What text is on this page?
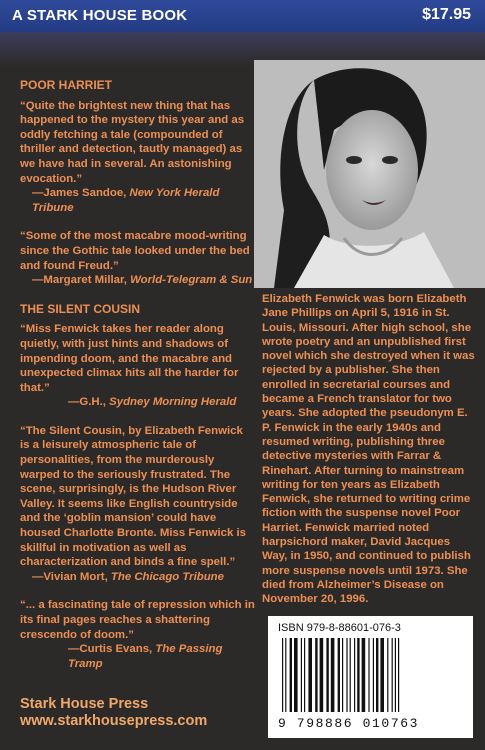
A STARK HOUSE BOOK	$17.95

POOR HARRIET

“Quite the brightest new thing that has happened to the mystery this year and as oddly fetching a tale (compounded of thriller and detection, tautly managed) as we have had in several. An astonishing evocation.”

—James Sandoe, New York Herald Tribune

“Some of the most macabre mood-writing since the Gothic tale looked under the bed and found Freud.”

—Margaret Millar, World-Telegram & Sun

THE SILENT COUSIN

“Miss Fenwick takes her reader along quietly, with just hints and shadows of impending doom, and the macabre and unexpected climax hits all the harder for that.”

—G.H., Sydney Morning Herald

“The Silent Cousin, by Elizabeth Fenwick is a leisurely atmospheric tale of personalities, from the murderously warped to the seriously frustrated. The scene, surprisingly, is the Hudson River Valley. It seems like English countryside and the ‘goblin mansion’ could have housed Charlotte Bronte. Miss Fenwick is skillful in motivation as well as characterization and binds a fine spell.”

—Vivian Mort, The Chicago Tribune

“... a fascinating tale of repression which in its final pages reaches a shattering crescendo of doom.”

—Curtis Evans, The Passing Tramp

Elizabeth Fenwick was born Elizabeth Jane Phillips on April 5, 1916 in St. Louis, Missouri. After high school, she wrote poetry and an unpublished first novel which she destroyed when it was rejected by a publisher. She then enrolled in secretarial courses and became a French translator for two years. She adopted the pseudonym E. P. Fenwick in the early 1940s and resumed writing, publishing three detective mysteries with Farrar & Rinehart. After turning to mainstream writing for ten years as Elizabeth Fenwick, she returned to writing crime fiction with the suspense novel Poor Harriet. Fenwick married noted harpsichord maker, David Jacques Way, in 1950, and continued to publish more suspense novels until 1973. She died from Alzheimer’s Disease on November 20, 1996.
ISBN 979-8-88601-076-3
9 798886 010763
Stark House Press
www.starkhousepress.com
